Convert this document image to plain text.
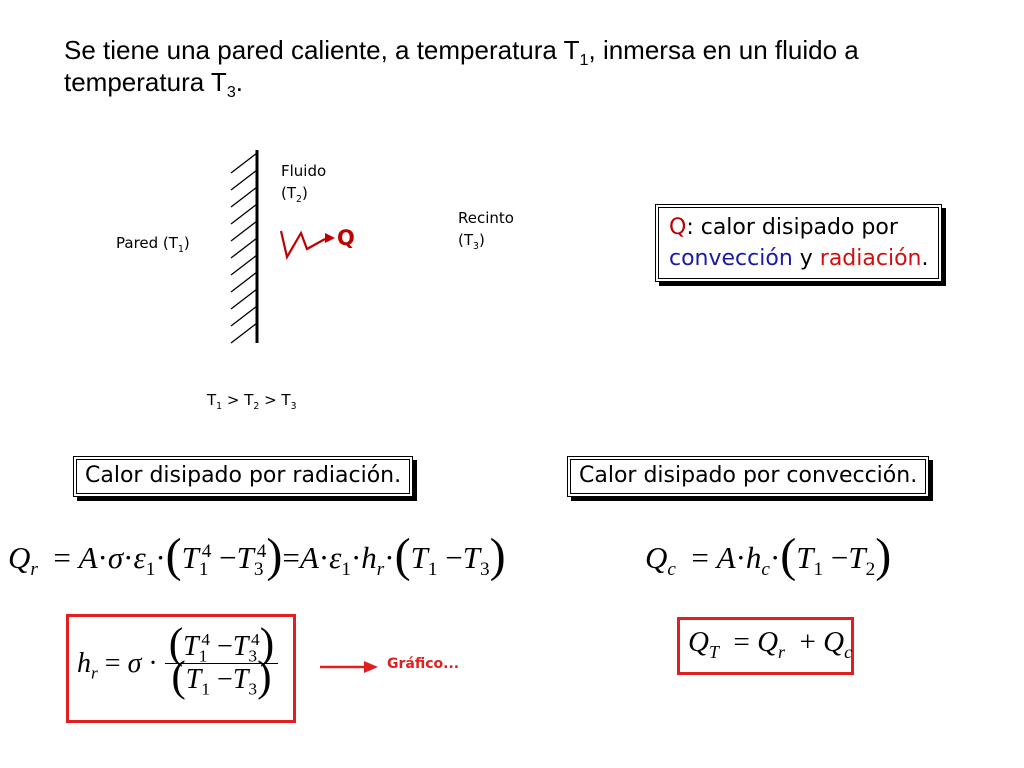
Se tiene una pared caliente, a temperatura $T_1$, inmersa en un fluido a temperatura $T_3$.
Pared $(T_1)$
Fluido
$(T_2)$
Recinto
$(T_3)$
Q
$T_1 > T_2 > T_3$
Q: calor disipado por
convección y radiación.
Calor disipado por radiación.	Calor disipado por convección.
$Q_r = A\cdot\sigma\cdot\varepsilon_1\cdot(T_1^4 -T_3^4)=A\cdot\varepsilon_1\cdot h_r\cdot(T_1 -T_3)$	$Q_c = A\cdot h_c\cdot(T_1 -T_2)$
$h_r = \sigma \cdot \frac{(T_1^4 -T_3^4)}{(T_1 -T_3)}$	Gráfico...
$Q_T = Q_r + Q_c$
